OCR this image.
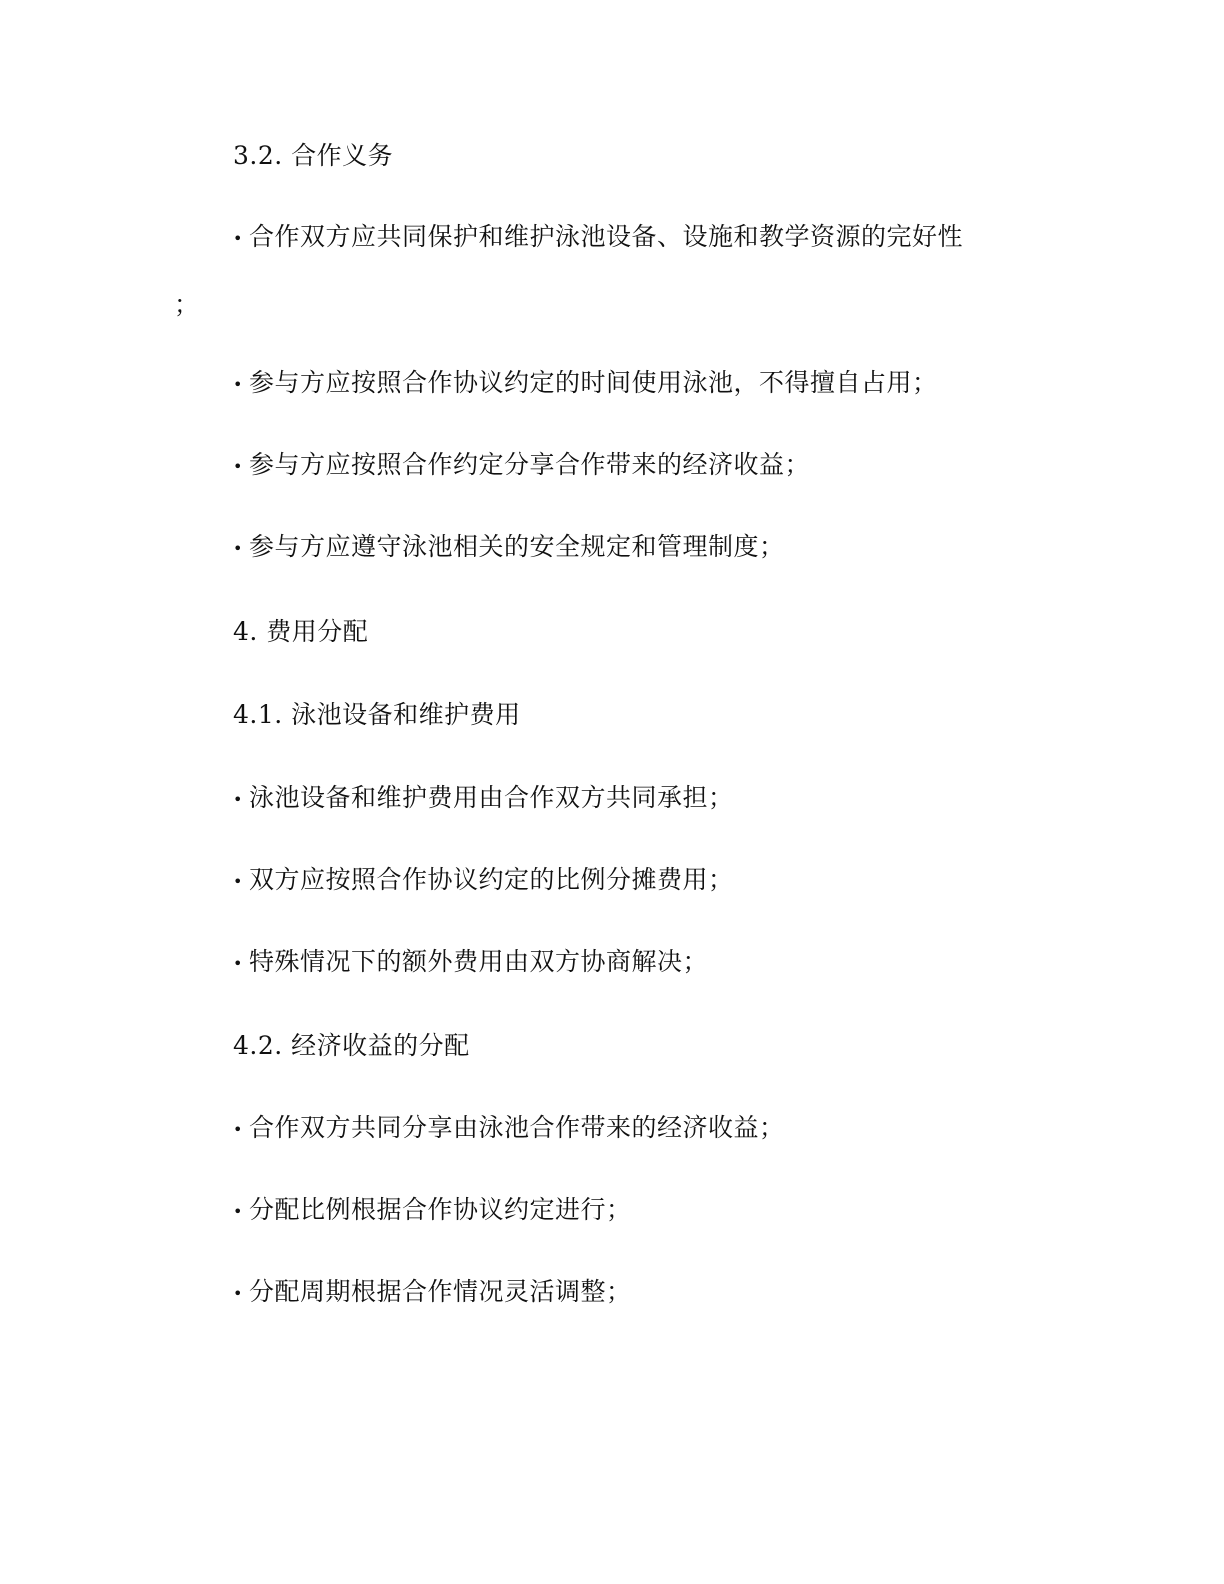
3.2. 合作义务
• 合作双方应共同保护和维护泳池设备、设施和教学资源的完好性
；
• 参与方应按照合作协议约定的时间使用泳池，不得擅自占用；
• 参与方应按照合作约定分享合作带来的经济收益；
• 参与方应遵守泳池相关的安全规定和管理制度；
4. 费用分配
4.1. 泳池设备和维护费用
• 泳池设备和维护费用由合作双方共同承担；
• 双方应按照合作协议约定的比例分摊费用；
• 特殊情况下的额外费用由双方协商解决；
4.2. 经济收益的分配
• 合作双方共同分享由泳池合作带来的经济收益；
• 分配比例根据合作协议约定进行；
• 分配周期根据合作情况灵活调整；
